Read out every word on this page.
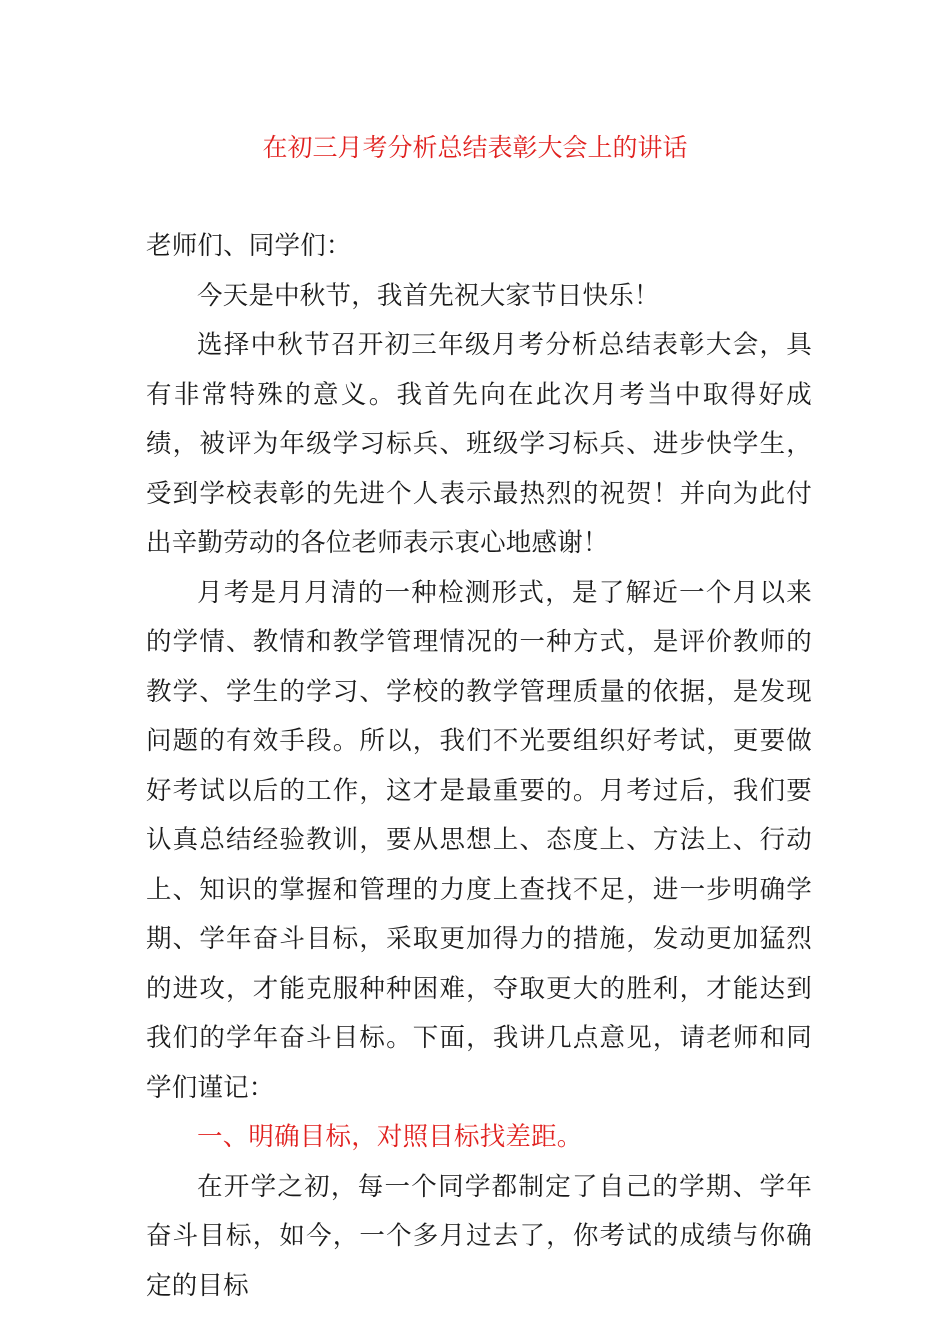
在初三月考分析总结表彰大会上的讲话

老师们、同学们：

今天是中秋节，我首先祝大家节日快乐！

选择中秋节召开初三年级月考分析总结表彰大会，具有非常特殊的意义。我首先向在此次月考当中取得好成绩，被评为年级学习标兵、班级学习标兵、进步快学生，受到学校表彰的先进个人表示最热烈的祝贺！并向为此付出辛勤劳动的各位老师表示衷心地感谢！

月考是月月清的一种检测形式，是了解近一个月以来的学情、教情和教学管理情况的一种方式，是评价教师的教学、学生的学习、学校的教学管理质量的依据，是发现问题的有效手段。所以，我们不光要组织好考试，更要做好考试以后的工作，这才是最重要的。月考过后，我们要认真总结经验教训，要从思想上、态度上、方法上、行动上、知识的掌握和管理的力度上查找不足，进一步明确学期、学年奋斗目标，采取更加得力的措施，发动更加猛烈的进攻，才能克服种种困难，夺取更大的胜利，才能达到我们的学年奋斗目标。下面，我讲几点意见，请老师和同学们谨记：

一、明确目标，对照目标找差距。

在开学之初，每一个同学都制定了自己的学期、学年奋斗目标，如今，一个多月过去了，你考试的成绩与你确定的目标
